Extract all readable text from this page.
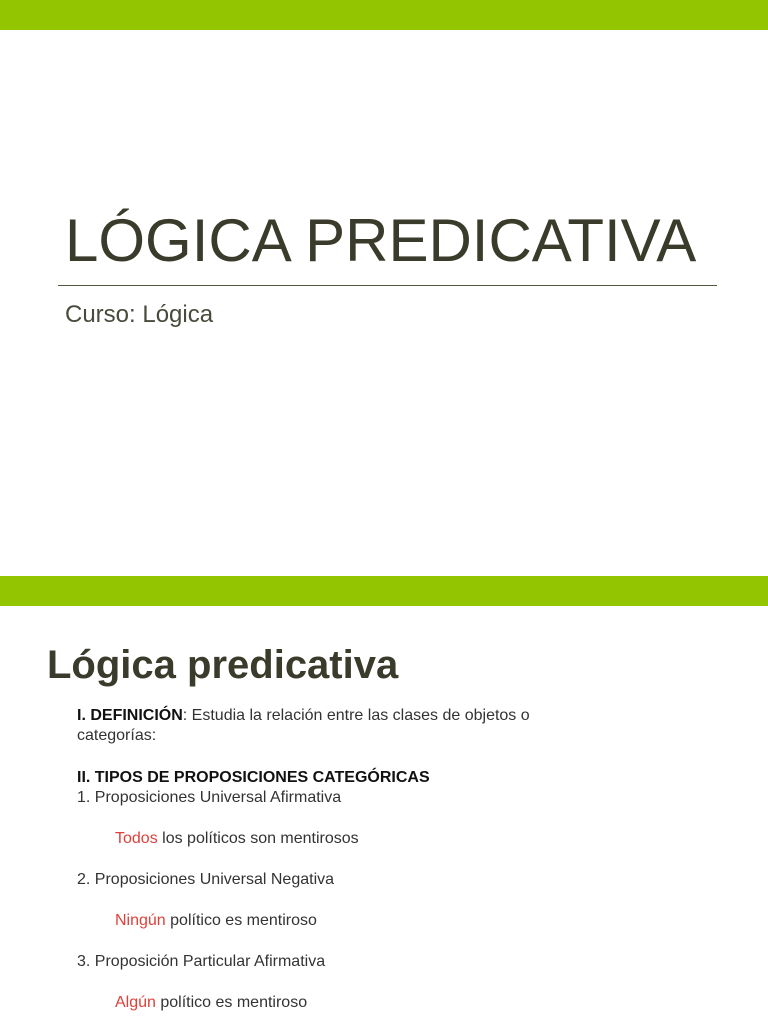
LÓGICA PREDICATIVA
Curso: Lógica
Lógica predicativa
I. DEFINICIÓN: Estudia la relación entre las clases de objetos o categorías:
II. TIPOS DE PROPOSICIONES CATEGÓRICAS
1. Proposiciones Universal Afirmativa
Todos los políticos son mentirosos
2. Proposiciones Universal Negativa
Ningún político es mentiroso
3. Proposición Particular Afirmativa
Algún político es mentiroso
